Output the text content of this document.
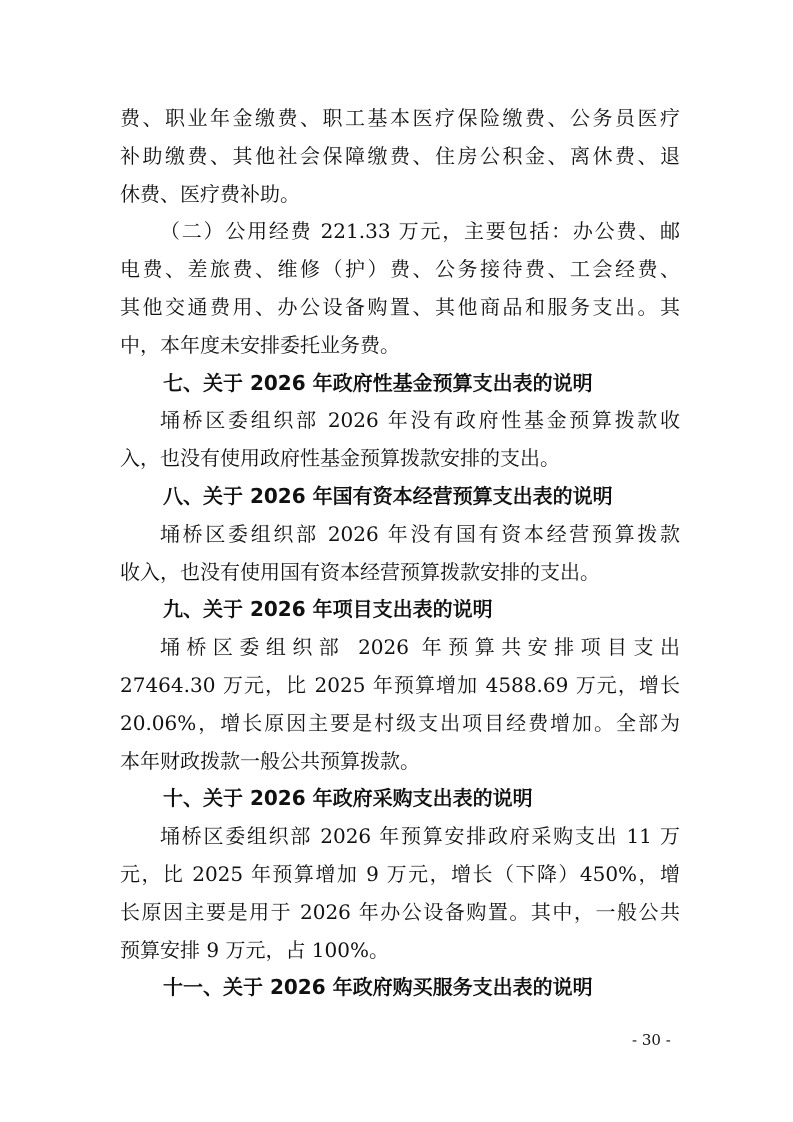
费、职业年金缴费、职工基本医疗保险缴费、公务员医疗
补助缴费、其他社会保障缴费、住房公积金、离休费、退
休费、医疗费补助。
（二）公用经费 221.33 万元，主要包括：办公费、邮
电费、差旅费、维修（护）费、公务接待费、工会经费、
其他交通费用、办公设备购置、其他商品和服务支出。其
中，本年度未安排委托业务费。
七、关于 2026 年政府性基金预算支出表的说明
埇桥区委组织部 2026 年没有政府性基金预算拨款收
入，也没有使用政府性基金预算拨款安排的支出。
八、关于 2026 年国有资本经营预算支出表的说明
埇桥区委组织部 2026 年没有国有资本经营预算拨款
收入，也没有使用国有资本经营预算拨款安排的支出。
九、关于 2026 年项目支出表的说明
埇桥区委组织部 2026 年预算共安排项目支出
27464.30 万元，比 2025 年预算增加 4588.69 万元，增长
20.06%，增长原因主要是村级支出项目经费增加。全部为
本年财政拨款一般公共预算拨款。
十、关于 2026 年政府采购支出表的说明
埇桥区委组织部 2026 年预算安排政府采购支出 11 万
元，比 2025 年预算增加 9 万元，增长（下降）450%，增
长原因主要是用于 2026 年办公设备购置。其中，一般公共
预算安排 9 万元，占 100%。
- 30 -
十一、关于 2026 年政府购买服务支出表的说明
